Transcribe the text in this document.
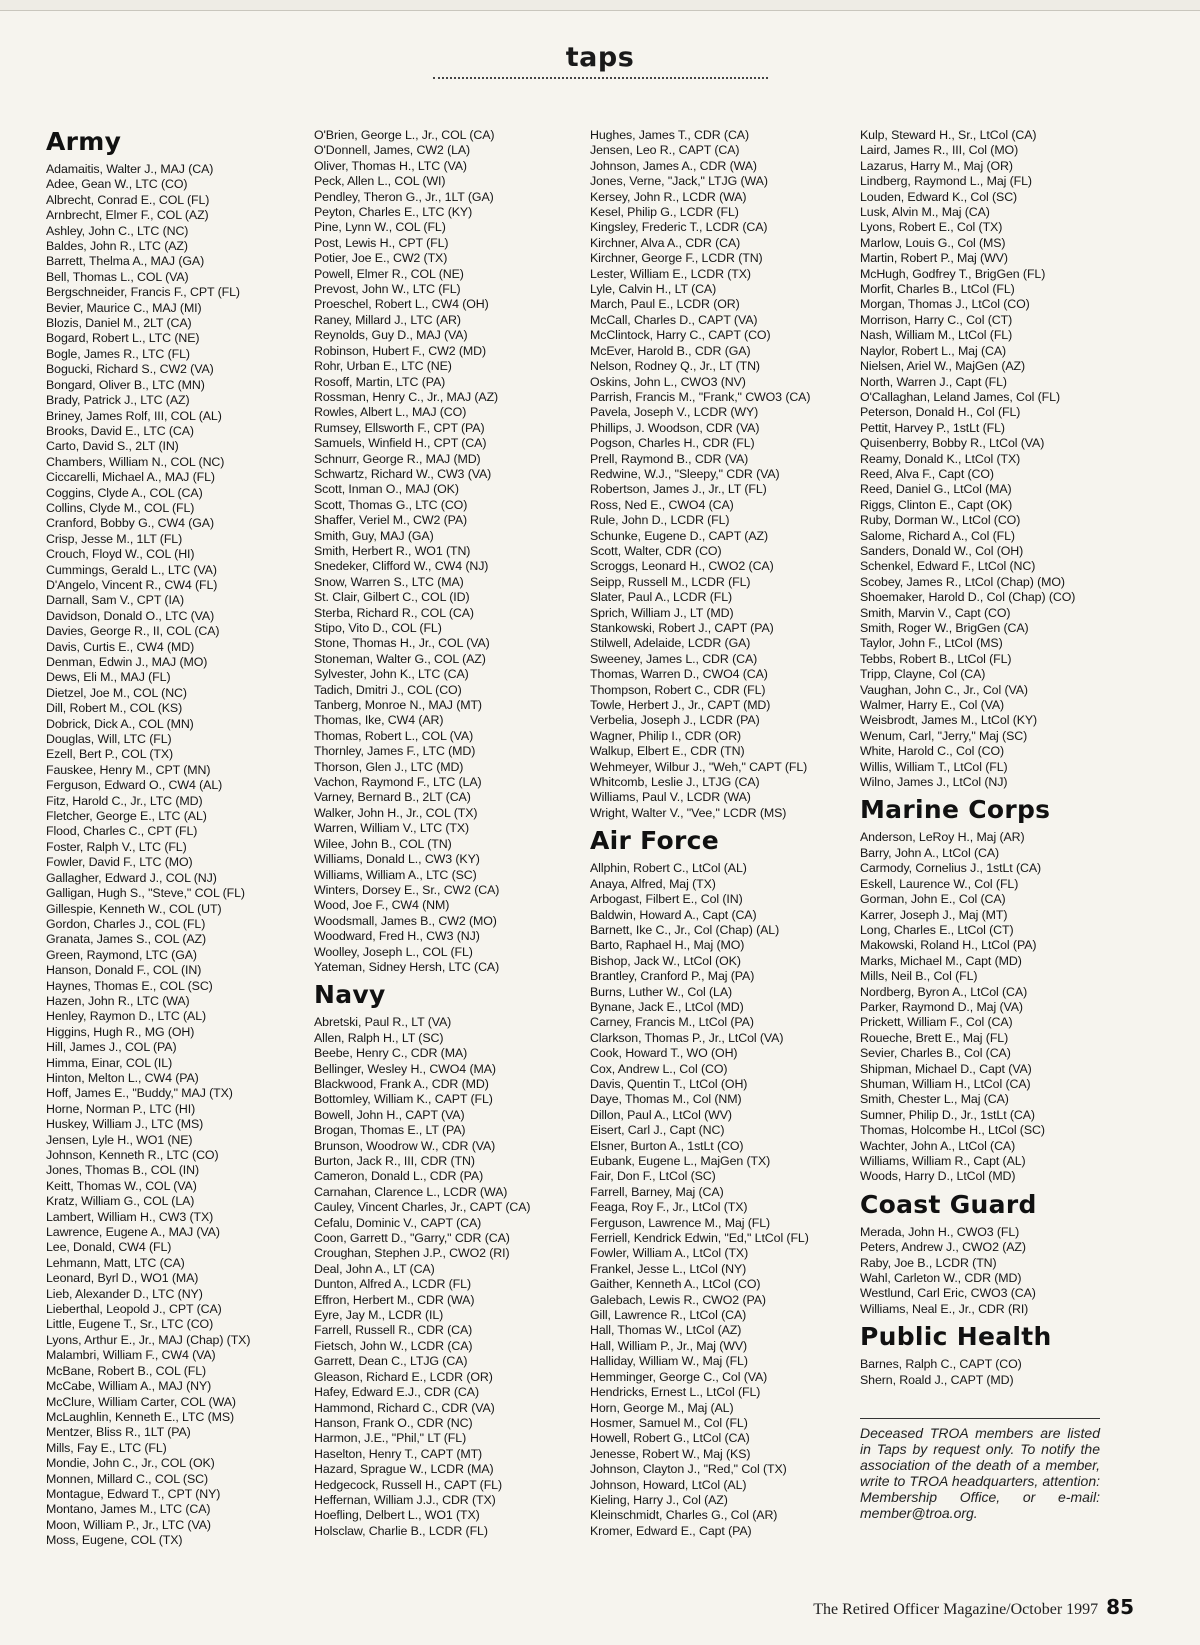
taps
Army
Adamaitis, Walter J., MAJ (CA)
Adee, Gean W., LTC (CO)
Albrecht, Conrad E., COL (FL)
Arnbrecht, Elmer F., COL (AZ)
Ashley, John C., LTC (NC)
Baldes, John R., LTC (AZ)
Barrett, Thelma A., MAJ (GA)
Bell, Thomas L., COL (VA)
Bergschneider, Francis F., CPT (FL)
Bevier, Maurice C., MAJ (MI)
Blozis, Daniel M., 2LT (CA)
Bogard, Robert L., LTC (NE)
Bogle, James R., LTC (FL)
Bogucki, Richard S., CW2 (VA)
Bongard, Oliver B., LTC (MN)
Brady, Patrick J., LTC (AZ)
Briney, James Rolf, III, COL (AL)
Brooks, David E., LTC (CA)
Carto, David S., 2LT (IN)
Chambers, William N., COL (NC)
Ciccarelli, Michael A., MAJ (FL)
Coggins, Clyde A., COL (CA)
Collins, Clyde M., COL (FL)
Cranford, Bobby G., CW4 (GA)
Crisp, Jesse M., 1LT (FL)
Crouch, Floyd W., COL (HI)
Cummings, Gerald L., LTC (VA)
D'Angelo, Vincent R., CW4 (FL)
Darnall, Sam V., CPT (IA)
Davidson, Donald O., LTC (VA)
Davies, George R., II, COL (CA)
Davis, Curtis E., CW4 (MD)
Denman, Edwin J., MAJ (MO)
Dews, Eli M., MAJ (FL)
Dietzel, Joe M., COL (NC)
Dill, Robert M., COL (KS)
Dobrick, Dick A., COL (MN)
Douglas, Will, LTC (FL)
Ezell, Bert P., COL (TX)
Fauskee, Henry M., CPT (MN)
Ferguson, Edward O., CW4 (AL)
Fitz, Harold C., Jr., LTC (MD)
Fletcher, George E., LTC (AL)
Flood, Charles C., CPT (FL)
Foster, Ralph V., LTC (FL)
Fowler, David F., LTC (MO)
Gallagher, Edward J., COL (NJ)
Galligan, Hugh S., "Steve," COL (FL)
Gillespie, Kenneth W., COL (UT)
Gordon, Charles J., COL (FL)
Granata, James S., COL (AZ)
Green, Raymond, LTC (GA)
Hanson, Donald F., COL (IN)
Haynes, Thomas E., COL (SC)
Hazen, John R., LTC (WA)
Henley, Raymon D., LTC (AL)
Higgins, Hugh R., MG (OH)
Hill, James J., COL (PA)
Himma, Einar, COL (IL)
Hinton, Melton L., CW4 (PA)
Hoff, James E., "Buddy," MAJ (TX)
Horne, Norman P., LTC (HI)
Huskey, William J., LTC (MS)
Jensen, Lyle H., WO1 (NE)
Johnson, Kenneth R., LTC (CO)
Jones, Thomas B., COL (IN)
Keitt, Thomas W., COL (VA)
Kratz, William G., COL (LA)
Lambert, William H., CW3 (TX)
Lawrence, Eugene A., MAJ (VA)
Lee, Donald, CW4 (FL)
Lehmann, Matt, LTC (CA)
Leonard, Byrl D., WO1 (MA)
Lieb, Alexander D., LTC (NY)
Lieberthal, Leopold J., CPT (CA)
Little, Eugene T., Sr., LTC (CO)
Lyons, Arthur E., Jr., MAJ (Chap) (TX)
Malambri, William F., CW4 (VA)
McBane, Robert B., COL (FL)
McCabe, William A., MAJ (NY)
McClure, William Carter, COL (WA)
McLaughlin, Kenneth E., LTC (MS)
Mentzer, Bliss R., 1LT (PA)
Mills, Fay E., LTC (FL)
Mondie, John C., Jr., COL (OK)
Monnen, Millard C., COL (SC)
Montague, Edward T., CPT (NY)
Montano, James M., LTC (CA)
Moon, William P., Jr., LTC (VA)
Moss, Eugene, COL (TX)
O'Brien, George L., Jr., COL (CA)
O'Donnell, James, CW2 (LA)
Oliver, Thomas H., LTC (VA)
Peck, Allen L., COL (WI)
Pendley, Theron G., Jr., 1LT (GA)
Peyton, Charles E., LTC (KY)
Pine, Lynn W., COL (FL)
Post, Lewis H., CPT (FL)
Potier, Joe E., CW2 (TX)
Powell, Elmer R., COL (NE)
Prevost, John W., LTC (FL)
Proeschel, Robert L., CW4 (OH)
Raney, Millard J., LTC (AR)
Reynolds, Guy D., MAJ (VA)
Robinson, Hubert F., CW2 (MD)
Rohr, Urban E., LTC (NE)
Rosoff, Martin, LTC (PA)
Rossman, Henry C., Jr., MAJ (AZ)
Rowles, Albert L., MAJ (CO)
Rumsey, Ellsworth F., CPT (PA)
Samuels, Winfield H., CPT (CA)
Schnurr, George R., MAJ (MD)
Schwartz, Richard W., CW3 (VA)
Scott, Inman O., MAJ (OK)
Scott, Thomas G., LTC (CO)
Shaffer, Veriel M., CW2 (PA)
Smith, Guy, MAJ (GA)
Smith, Herbert R., WO1 (TN)
Snedeker, Clifford W., CW4 (NJ)
Snow, Warren S., LTC (MA)
St. Clair, Gilbert C., COL (ID)
Sterba, Richard R., COL (CA)
Stipo, Vito D., COL (FL)
Stone, Thomas H., Jr., COL (VA)
Stoneman, Walter G., COL (AZ)
Sylvester, John K., LTC (CA)
Tadich, Dmitri J., COL (CO)
Tanberg, Monroe N., MAJ (MT)
Thomas, Ike, CW4 (AR)
Thomas, Robert L., COL (VA)
Thornley, James F., LTC (MD)
Thorson, Glen J., LTC (MD)
Vachon, Raymond F., LTC (LA)
Varney, Bernard B., 2LT (CA)
Walker, John H., Jr., COL (TX)
Warren, William V., LTC (TX)
Wilee, John B., COL (TN)
Williams, Donald L., CW3 (KY)
Williams, William A., LTC (SC)
Winters, Dorsey E., Sr., CW2 (CA)
Wood, Joe F., CW4 (NM)
Woodsmall, James B., CW2 (MO)
Woodward, Fred H., CW3 (NJ)
Woolley, Joseph L., COL (FL)
Yateman, Sidney Hersh, LTC (CA)
Navy
Abretski, Paul R., LT (VA)
Allen, Ralph H., LT (SC)
Beebe, Henry C., CDR (MA)
Bellinger, Wesley H., CWO4 (MA)
Blackwood, Frank A., CDR (MD)
Bottomley, William K., CAPT (FL)
Bowell, John H., CAPT (VA)
Brogan, Thomas E., LT (PA)
Brunson, Woodrow W., CDR (VA)
Burton, Jack R., III, CDR (TN)
Cameron, Donald L., CDR (PA)
Carnahan, Clarence L., LCDR (WA)
Cauley, Vincent Charles, Jr., CAPT (CA)
Cefalu, Dominic V., CAPT (CA)
Coon, Garrett D., "Garry," CDR (CA)
Croughan, Stephen J.P., CWO2 (RI)
Deal, John A., LT (CA)
Dunton, Alfred A., LCDR (FL)
Effron, Herbert M., CDR (WA)
Eyre, Jay M., LCDR (IL)
Farrell, Russell R., CDR (CA)
Fietsch, John W., LCDR (CA)
Garrett, Dean C., LTJG (CA)
Gleason, Richard E., LCDR (OR)
Hafey, Edward E.J., CDR (CA)
Hammond, Richard C., CDR (VA)
Hanson, Frank O., CDR (NC)
Harmon, J.E., "Phil," LT (FL)
Haselton, Henry T., CAPT (MT)
Hazard, Sprague W., LCDR (MA)
Hedgecock, Russell H., CAPT (FL)
Heffernan, William J.J., CDR (TX)
Hoefling, Delbert L., WO1 (TX)
Holsclaw, Charlie B., LCDR (FL)
Hughes, James T., CDR (CA)
Jensen, Leo R., CAPT (CA)
Johnson, James A., CDR (WA)
Jones, Verne, "Jack," LTJG (WA)
Kersey, John R., LCDR (WA)
Kesel, Philip G., LCDR (FL)
Kingsley, Frederic T., LCDR (CA)
Kirchner, Alva A., CDR (CA)
Kirchner, George F., LCDR (TN)
Lester, William E., LCDR (TX)
Lyle, Calvin H., LT (CA)
March, Paul E., LCDR (OR)
McCall, Charles D., CAPT (VA)
McClintock, Harry C., CAPT (CO)
McEver, Harold B., CDR (GA)
Nelson, Rodney Q., Jr., LT (TN)
Oskins, John L., CWO3 (NV)
Parrish, Francis M., "Frank," CWO3 (CA)
Pavela, Joseph V., LCDR (WY)
Phillips, J. Woodson, CDR (VA)
Pogson, Charles H., CDR (FL)
Prell, Raymond B., CDR (VA)
Redwine, W.J., "Sleepy," CDR (VA)
Robertson, James J., Jr., LT (FL)
Ross, Ned E., CWO4 (CA)
Rule, John D., LCDR (FL)
Schunke, Eugene D., CAPT (AZ)
Scott, Walter, CDR (CO)
Scroggs, Leonard H., CWO2 (CA)
Seipp, Russell M., LCDR (FL)
Slater, Paul A., LCDR (FL)
Sprich, William J., LT (MD)
Stankowski, Robert J., CAPT (PA)
Stilwell, Adelaide, LCDR (GA)
Sweeney, James L., CDR (CA)
Thomas, Warren D., CWO4 (CA)
Thompson, Robert C., CDR (FL)
Towle, Herbert J., Jr., CAPT (MD)
Verbelia, Joseph J., LCDR (PA)
Wagner, Philip I., CDR (OR)
Walkup, Elbert E., CDR (TN)
Wehmeyer, Wilbur J., "Weh," CAPT (FL)
Whitcomb, Leslie J., LTJG (CA)
Williams, Paul V., LCDR (WA)
Wright, Walter V., "Vee," LCDR (MS)
Air Force
Allphin, Robert C., LtCol (AL)
Anaya, Alfred, Maj (TX)
Arbogast, Filbert E., Col (IN)
Baldwin, Howard A., Capt (CA)
Barnett, Ike C., Jr., Col (Chap) (AL)
Barto, Raphael H., Maj (MO)
Bishop, Jack W., LtCol (OK)
Brantley, Cranford P., Maj (PA)
Burns, Luther W., Col (LA)
Bynane, Jack E., LtCol (MD)
Carney, Francis M., LtCol (PA)
Clarkson, Thomas P., Jr., LtCol (VA)
Cook, Howard T., WO (OH)
Cox, Andrew L., Col (CO)
Davis, Quentin T., LtCol (OH)
Daye, Thomas M., Col (NM)
Dillon, Paul A., LtCol (WV)
Eisert, Carl J., Capt (NC)
Elsner, Burton A., 1stLt (CO)
Eubank, Eugene L., MajGen (TX)
Fair, Don F., LtCol (SC)
Farrell, Barney, Maj (CA)
Feaga, Roy F., Jr., LtCol (TX)
Ferguson, Lawrence M., Maj (FL)
Ferriell, Kendrick Edwin, "Ed," LtCol (FL)
Fowler, William A., LtCol (TX)
Frankel, Jesse L., LtCol (NY)
Gaither, Kenneth A., LtCol (CO)
Galebach, Lewis R., CWO2 (PA)
Gill, Lawrence R., LtCol (CA)
Hall, Thomas W., LtCol (AZ)
Hall, William P., Jr., Maj (WV)
Halliday, William W., Maj (FL)
Hemminger, George C., Col (VA)
Hendricks, Ernest L., LtCol (FL)
Horn, George M., Maj (AL)
Hosmer, Samuel M., Col (FL)
Howell, Robert G., LtCol (CA)
Jenesse, Robert W., Maj (KS)
Johnson, Clayton J., "Red," Col (TX)
Johnson, Howard, LtCol (AL)
Kieling, Harry J., Col (AZ)
Kleinschmidt, Charles G., Col (AR)
Kromer, Edward E., Capt (PA)
Kulp, Steward H., Sr., LtCol (CA)
Laird, James R., III, Col (MO)
Lazarus, Harry M., Maj (OR)
Lindberg, Raymond L., Maj (FL)
Louden, Edward K., Col (SC)
Lusk, Alvin M., Maj (CA)
Lyons, Robert E., Col (TX)
Marlow, Louis G., Col (MS)
Martin, Robert P., Maj (WV)
McHugh, Godfrey T., BrigGen (FL)
Morfit, Charles B., LtCol (FL)
Morgan, Thomas J., LtCol (CO)
Morrison, Harry C., Col (CT)
Nash, William M., LtCol (FL)
Naylor, Robert L., Maj (CA)
Nielsen, Ariel W., MajGen (AZ)
North, Warren J., Capt (FL)
O'Callaghan, Leland James, Col (FL)
Peterson, Donald H., Col (FL)
Pettit, Harvey P., 1stLt (FL)
Quisenberry, Bobby R., LtCol (VA)
Reamy, Donald K., LtCol (TX)
Reed, Alva F., Capt (CO)
Reed, Daniel G., LtCol (MA)
Riggs, Clinton E., Capt (OK)
Ruby, Dorman W., LtCol (CO)
Salome, Richard A., Col (FL)
Sanders, Donald W., Col (OH)
Schenkel, Edward F., LtCol (NC)
Scobey, James R., LtCol (Chap) (MO)
Shoemaker, Harold D., Col (Chap) (CO)
Smith, Marvin V., Capt (CO)
Smith, Roger W., BrigGen (CA)
Taylor, John F., LtCol (MS)
Tebbs, Robert B., LtCol (FL)
Tripp, Clayne, Col (CA)
Vaughan, John C., Jr., Col (VA)
Walmer, Harry E., Col (VA)
Weisbrodt, James M., LtCol (KY)
Wenum, Carl, "Jerry," Maj (SC)
White, Harold C., Col (CO)
Willis, William T., LtCol (FL)
Wilno, James J., LtCol (NJ)
Marine Corps
Anderson, LeRoy H., Maj (AR)
Barry, John A., LtCol (CA)
Carmody, Cornelius J., 1stLt (CA)
Eskell, Laurence W., Col (FL)
Gorman, John E., Col (CA)
Karrer, Joseph J., Maj (MT)
Long, Charles E., LtCol (CT)
Makowski, Roland H., LtCol (PA)
Marks, Michael M., Capt (MD)
Mills, Neil B., Col (FL)
Nordberg, Byron A., LtCol (CA)
Parker, Raymond D., Maj (VA)
Prickett, William F., Col (CA)
Roueche, Brett E., Maj (FL)
Sevier, Charles B., Col (CA)
Shipman, Michael D., Capt (VA)
Shuman, William H., LtCol (CA)
Smith, Chester L., Maj (CA)
Sumner, Philip D., Jr., 1stLt (CA)
Thomas, Holcombe H., LtCol (SC)
Wachter, John A., LtCol (CA)
Williams, William R., Capt (AL)
Woods, Harry D., LtCol (MD)
Coast Guard
Merada, John H., CWO3 (FL)
Peters, Andrew J., CWO2 (AZ)
Raby, Joe B., LCDR (TN)
Wahl, Carleton W., CDR (MD)
Westlund, Carl Eric, CWO3 (CA)
Williams, Neal E., Jr., CDR (RI)
Public Health
Barnes, Ralph C., CAPT (CO)
Shern, Roald J., CAPT (MD)
Deceased TROA members are listed in Taps by request only. To notify the association of the death of a member, write to TROA headquarters, attention: Membership Office, or e-mail: member@troa.org.
The Retired Officer Magazine/October 1997 85
